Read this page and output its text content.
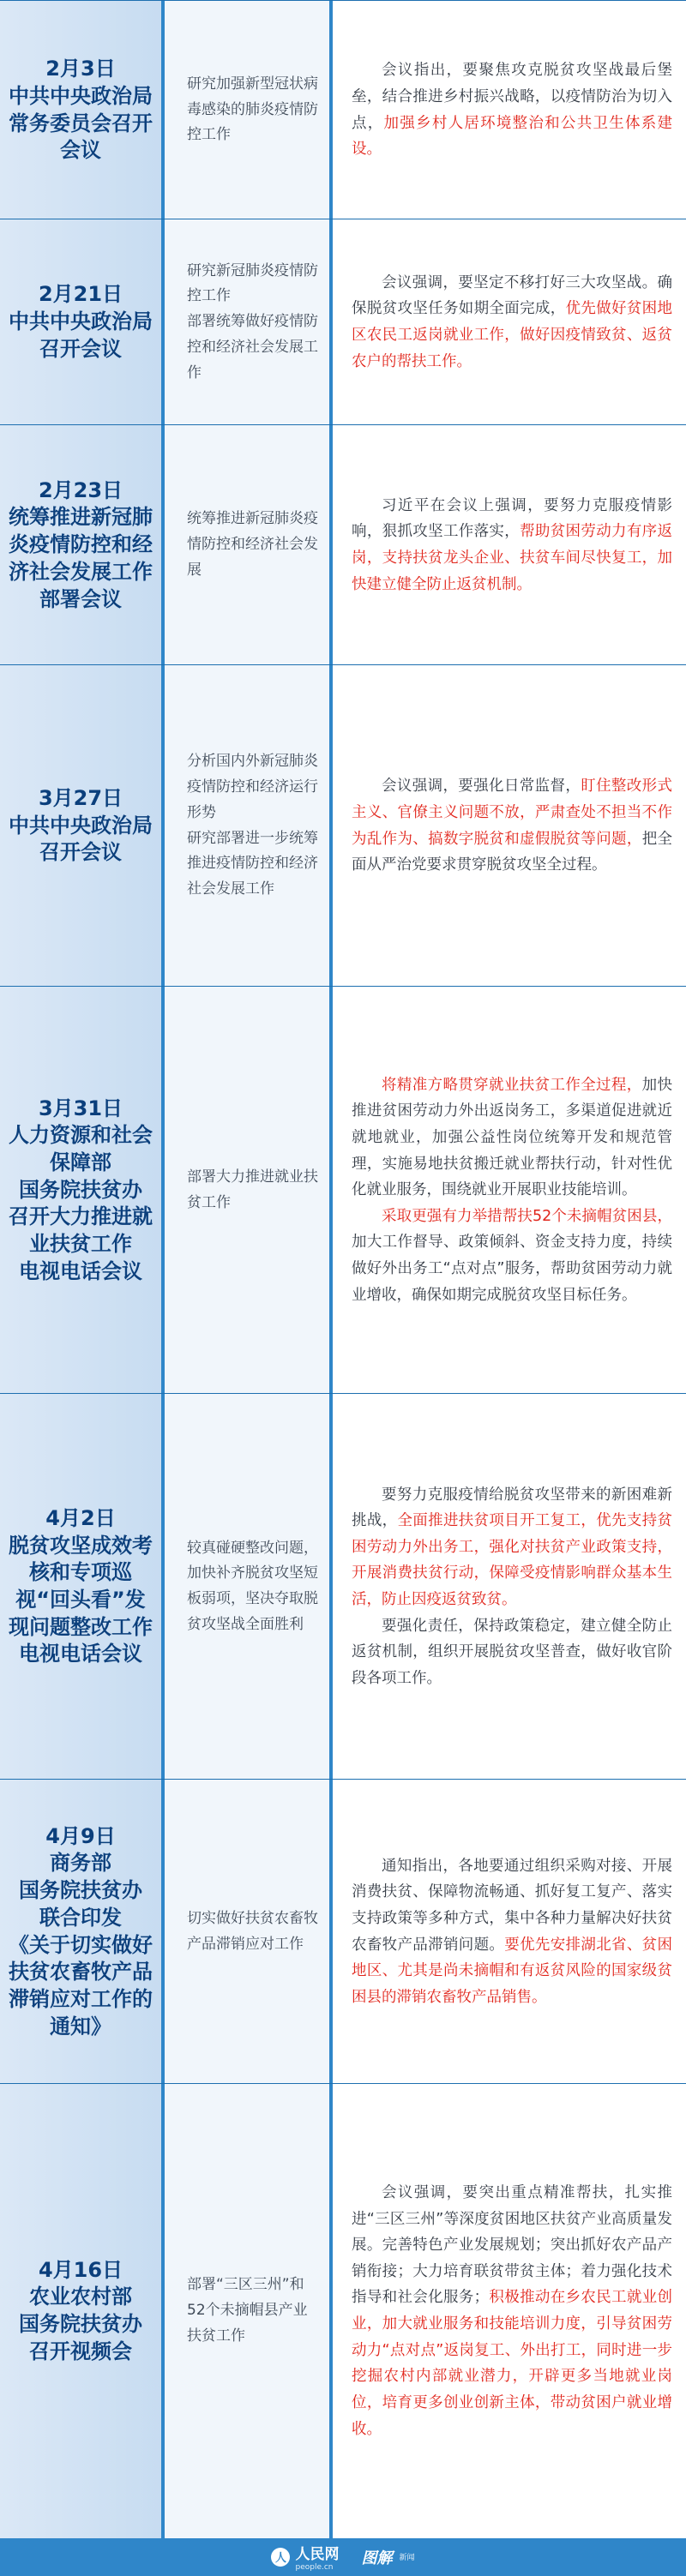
2月3日
中共中央政治局常务委员会召开会议
研究加强新型冠状病毒感染的肺炎疫情防控工作

会议指出，要聚焦攻克脱贫攻坚战最后堡垒，结合推进乡村振兴战略，以疫情防治为切入点，加强乡村人居环境整治和公共卫生体系建设。

2月21日
中共中央政治局召开会议
研究新冠肺炎疫情防控工作
部署统筹做好疫情防控和经济社会发展工作

会议强调，要坚定不移打好三大攻坚战。确保脱贫攻坚任务如期全面完成，优先做好贫困地区农民工返岗就业工作，做好因疫情致贫、返贫农户的帮扶工作。

2月23日
统筹推进新冠肺炎疫情防控和经济社会发展工作部署会议
统筹推进新冠肺炎疫情防控和经济社会发展

习近平在会议上强调，要努力克服疫情影响，狠抓攻坚工作落实，帮助贫困劳动力有序返岗，支持扶贫龙头企业、扶贫车间尽快复工，加快建立健全防止返贫机制。

3月27日
中共中央政治局召开会议
分析国内外新冠肺炎疫情防控和经济运行形势
研究部署进一步统筹推进疫情防控和经济社会发展工作

会议强调，要强化日常监督，盯住整改形式主义、官僚主义问题不放，严肃查处不担当不作为乱作为、搞数字脱贫和虚假脱贫等问题，把全面从严治党要求贯穿脱贫攻坚全过程。

3月31日
人力资源和社会保障部
国务院扶贫办
召开大力推进就业扶贫工作
电视电话会议
部署大力推进就业扶贫工作

将精准方略贯穿就业扶贫工作全过程，加快推进贫困劳动力外出返岗务工，多渠道促进就近就地就业，加强公益性岗位统筹开发和规范管理，实施易地扶贫搬迁就业帮扶行动，针对性优化就业服务，围绕就业开展职业技能培训。

采取更强有力举措帮扶52个未摘帽贫困县，加大工作督导、政策倾斜、资金支持力度，持续做好外出务工“点对点”服务，帮助贫困劳动力就业增收，确保如期完成脱贫攻坚目标任务。

4月2日
脱贫攻坚成效考核和专项巡视“回头看”发现问题整改工作电视电话会议
较真碰硬整改问题，加快补齐脱贫攻坚短板弱项，坚决夺取脱贫攻坚战全面胜利

要努力克服疫情给脱贫攻坚带来的新困难新挑战，全面推进扶贫项目开工复工，优先支持贫困劳动力外出务工，强化对扶贫产业政策支持，开展消费扶贫行动，保障受疫情影响群众基本生活，防止因疫返贫致贫。

要强化责任，保持政策稳定，建立健全防止返贫机制，组织开展脱贫攻坚普查，做好收官阶段各项工作。

4月9日
商务部
国务院扶贫办
联合印发
《关于切实做好扶贫农畜牧产品滞销应对工作的通知》
切实做好扶贫农畜牧产品滞销应对工作

通知指出，各地要通过组织采购对接、开展消费扶贫、保障物流畅通、抓好复工复产、落实支持政策等多种方式，集中各种力量解决好扶贫农畜牧产品滞销问题。要优先安排湖北省、贫困地区、尤其是尚未摘帽和有返贫风险的国家级贫困县的滞销农畜牧产品销售。

4月16日
农业农村部
国务院扶贫办
召开视频会
部署“三区三州”和52个未摘帽县产业扶贫工作

会议强调，要突出重点精准帮扶，扎实推进“三区三州”等深度贫困地区扶贫产业高质量发展。完善特色产业发展规划；突出抓好农产品产销衔接；大力培育联贫带贫主体；着力强化技术指导和社会化服务；积极推动在乡农民工就业创业，加大就业服务和技能培训力度，引导贫困劳动力“点对点”返岗复工、外出打工，同时进一步挖掘农村内部就业潜力，开辟更多当地就业岗位，培育更多创业创新主体，带动贫困户就业增收。

人 人民网
people.cn
图解 新闻
